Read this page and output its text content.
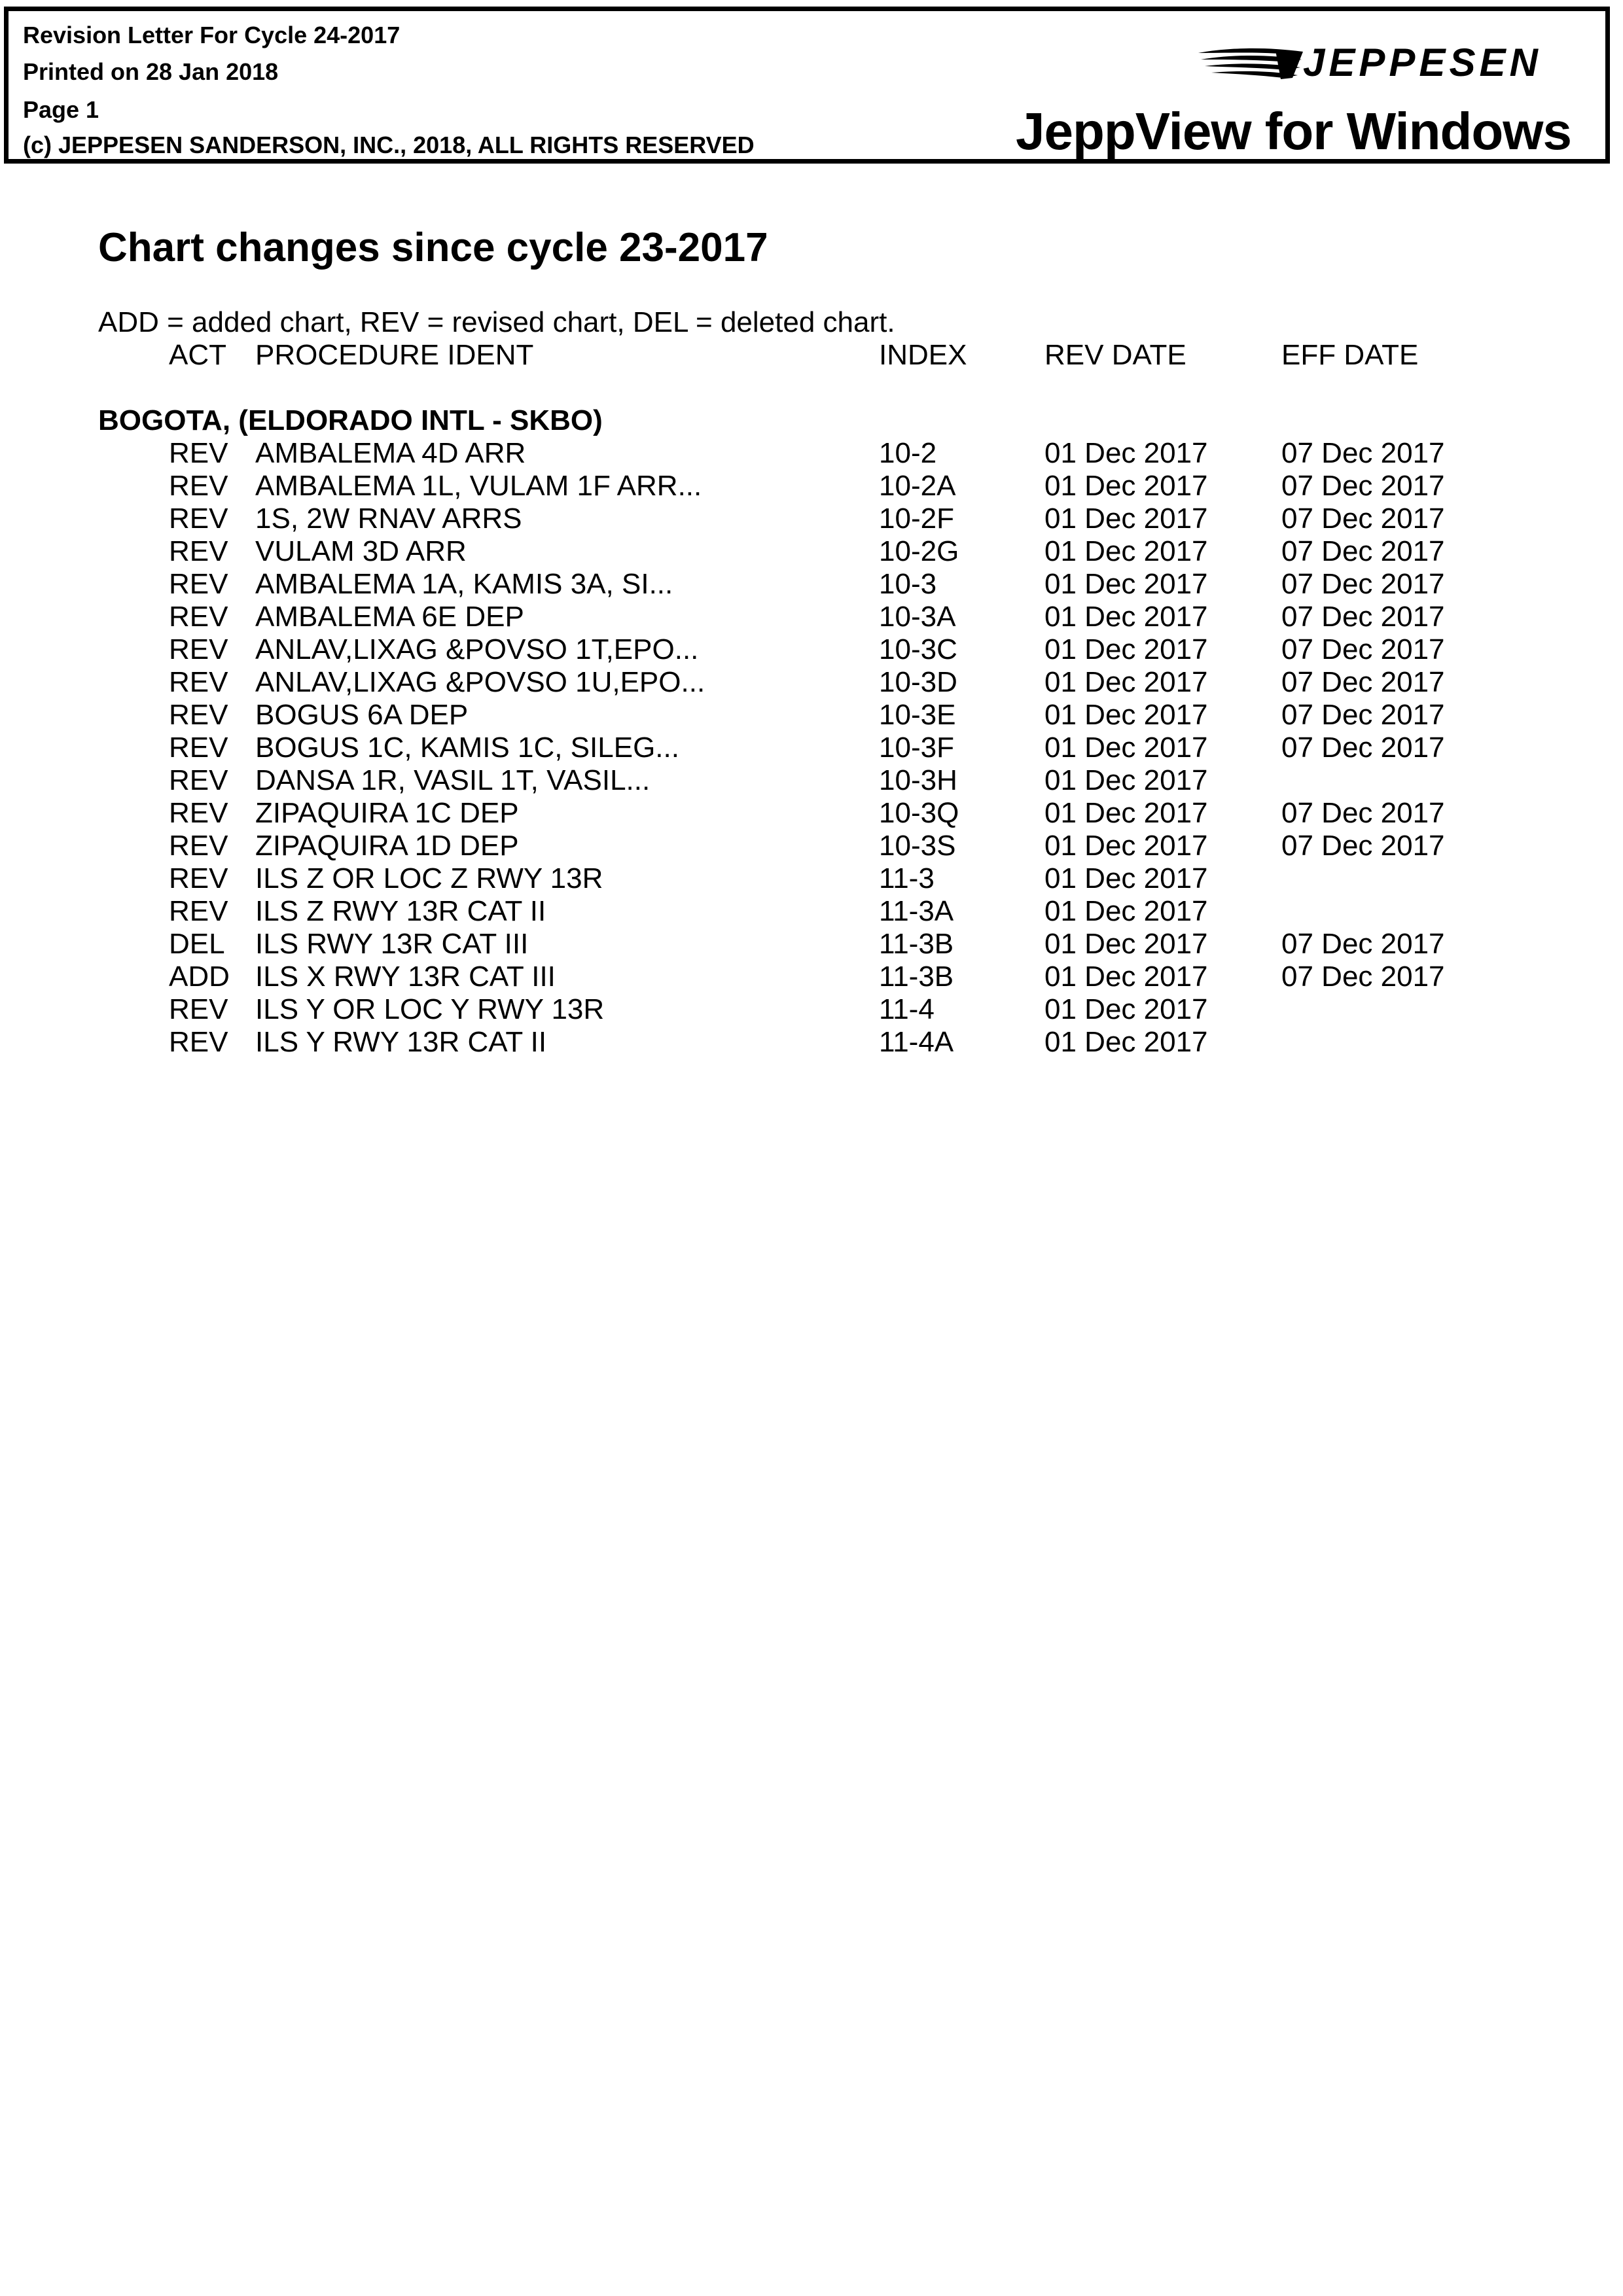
Revision Letter For Cycle 24-2017
Printed on 28 Jan 2018
Page 1
(c) JEPPESEN SANDERSON, INC., 2018, ALL RIGHTS RESERVED
JEPPESEN
JeppView for Windows
Chart changes since cycle 23-2017
ADD = added chart, REV = revised chart, DEL = deleted chart.
ACT PROCEDURE IDENT	INDEX	REV DATE	EFF DATE
BOGOTA, (ELDORADO INTL - SKBO)
REV AMBALEMA 4D ARR	10-2	01 Dec 2017	07 Dec 2017
REV AMBALEMA 1L, VULAM 1F ARR...	10-2A	01 Dec 2017	07 Dec 2017
REV 1S, 2W RNAV ARRS	10-2F	01 Dec 2017	07 Dec 2017
REV VULAM 3D ARR	10-2G	01 Dec 2017	07 Dec 2017
REV AMBALEMA 1A, KAMIS 3A, SI...	10-3	01 Dec 2017	07 Dec 2017
REV AMBALEMA 6E DEP	10-3A	01 Dec 2017	07 Dec 2017
REV ANLAV,LIXAG &POVSO 1T,EPO...	10-3C	01 Dec 2017	07 Dec 2017
REV ANLAV,LIXAG &POVSO 1U,EPO...	10-3D	01 Dec 2017	07 Dec 2017
REV BOGUS 6A DEP	10-3E	01 Dec 2017	07 Dec 2017
REV BOGUS 1C, KAMIS 1C, SILEG...	10-3F	01 Dec 2017	07 Dec 2017
REV DANSA 1R, VASIL 1T, VASIL...	10-3H	01 Dec 2017
REV ZIPAQUIRA 1C DEP	10-3Q	01 Dec 2017	07 Dec 2017
REV ZIPAQUIRA 1D DEP	10-3S	01 Dec 2017	07 Dec 2017
REV ILS Z OR LOC Z RWY 13R	11-3	01 Dec 2017
REV ILS Z RWY 13R CAT II	11-3A	01 Dec 2017
DEL ILS RWY 13R CAT III	11-3B	01 Dec 2017	07 Dec 2017
ADD ILS X RWY 13R CAT III	11-3B	01 Dec 2017	07 Dec 2017
REV ILS Y OR LOC Y RWY 13R	11-4	01 Dec 2017
REV ILS Y RWY 13R CAT II	11-4A	01 Dec 2017
